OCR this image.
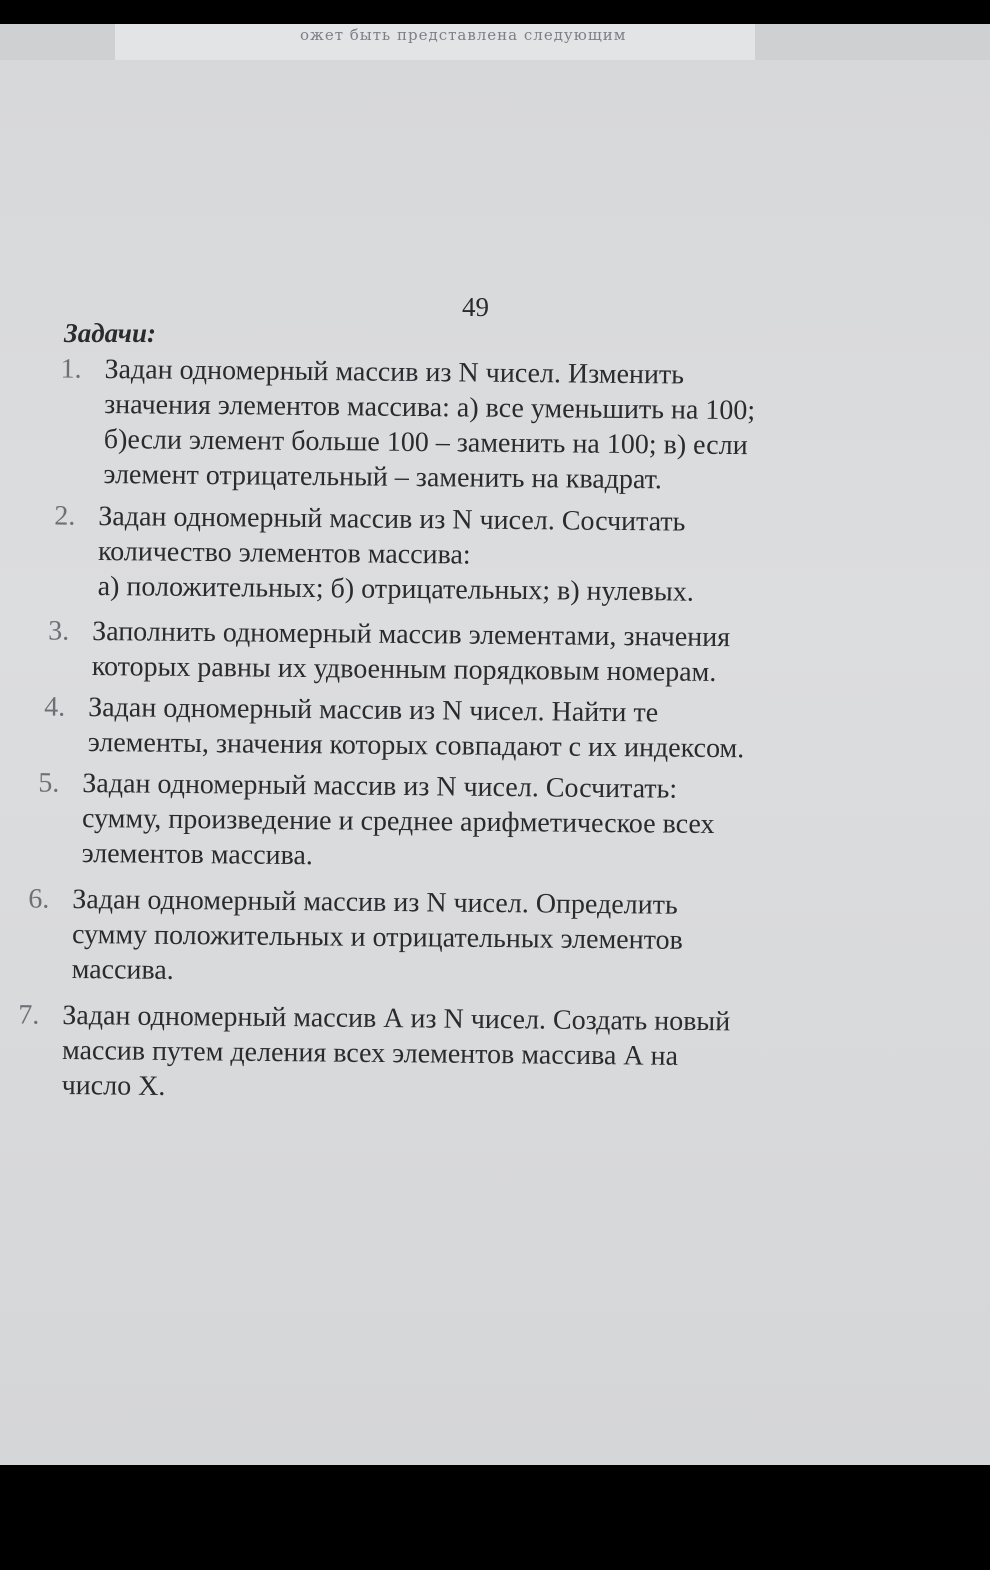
ожет быть представлена следующим
49
Задачи:
1. Задан одномерный массив из N чисел. Изменить
значения элементов массива: а) все уменьшить на 100;
б)если элемент больше 100 – заменить на 100; в) если
элемент отрицательный – заменить на квадрат.
2. Задан одномерный массив из N чисел. Сосчитать
количество элементов массива:
а) положительных; б) отрицательных; в) нулевых.
3. Заполнить одномерный массив элементами, значения
которых равны их удвоенным порядковым номерам.
4. Задан одномерный массив из N чисел. Найти те
элементы, значения которых совпадают с их индексом.
5. Задан одномерный массив из N чисел. Сосчитать:
сумму, произведение и среднее арифметическое всех
элементов массива.
6. Задан одномерный массив из N чисел. Определить
сумму положительных и отрицательных элементов
массива.
7. Задан одномерный массив А из N чисел. Создать новый
массив путем деления всех элементов массива А на
число Х.
